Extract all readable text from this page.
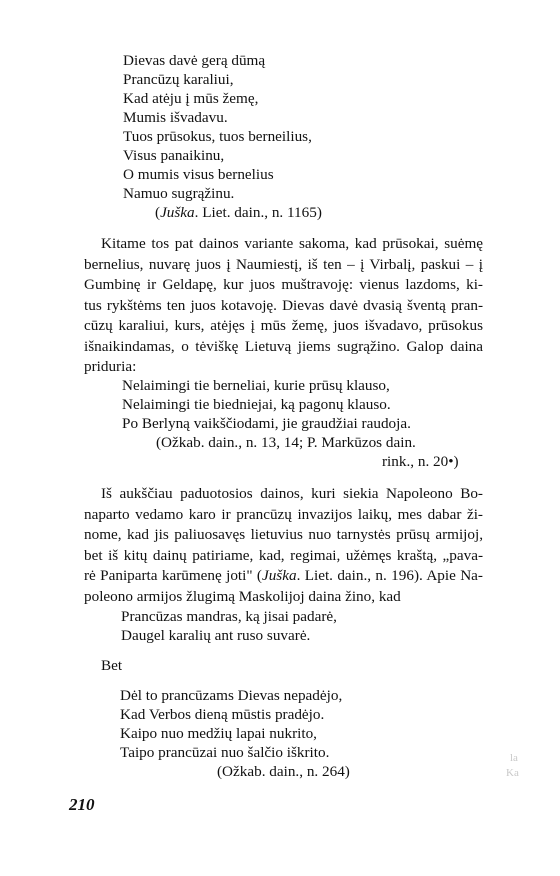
Dievas davė gerą dūmą
Prancūzų karaliui,
Kad atėju į mūs žemę,
Mumis išvadavu.
Tuos prūsokus, tuos berneilius,
Visus panaikinu,
O mumis visus bernelius
Namuo sugrąžinu.
(Juška. Liet. dain., n. 1165)
Kitame tos pat dainos variante sakoma, kad prūsokai, suėmę
bernelius, nuvarę juos į Naumiestį, iš ten – į Virbalį, paskui – į
Gumbinę ir Geldapę, kur juos muštravoję: vienus lazdoms, ki-
tus rykštėms ten juos kotavoję. Dievas davė dvasią šventą pran-
cūzų karaliui, kurs, atėjęs į mūs žemę, juos išvadavo, prūsokus
išnaikindamas, o tėviškę Lietuvą jiems sugrąžino. Galop daina
priduria:
Nelaimingi tie berneliai, kurie prūsų klauso,
Nelaimingi tie biedniejai, ką pagonų klauso.
Po Berlyną vaikščiodami, jie graudžiai raudoja.
(Ožkab. dain., n. 13, 14; P. Markūzos dain.
rink., n. 20•)
Iš aukščiau paduotosios dainos, kuri siekia Napoleono Bo-
naparto vedamo karo ir prancūzų invazijos laikų, mes dabar ži-
nome, kad jis paliuosavęs lietuvius nuo tarnystės prūsų armijoj,
bet iš kitų dainų patiriame, kad, regimai, užėmęs kraštą, „pava-
rė Paniparta karūmenę joti" (Juška. Liet. dain., n. 196). Apie Na-
poleono armijos žlugimą Maskolijoj daina žino, kad
Prancūzas mandras, ką jisai padarė,
Daugel karalių ant ruso suvarė.
Bet
Dėl to prancūzams Dievas nepadėjo,
Kad Verbos dieną mūstis pradėjo.
Kaipo nuo medžių lapai nukrito,
Taipo prancūzai nuo šalčio iškrito.
(Ožkab. dain., n. 264)
la
Ka
210
